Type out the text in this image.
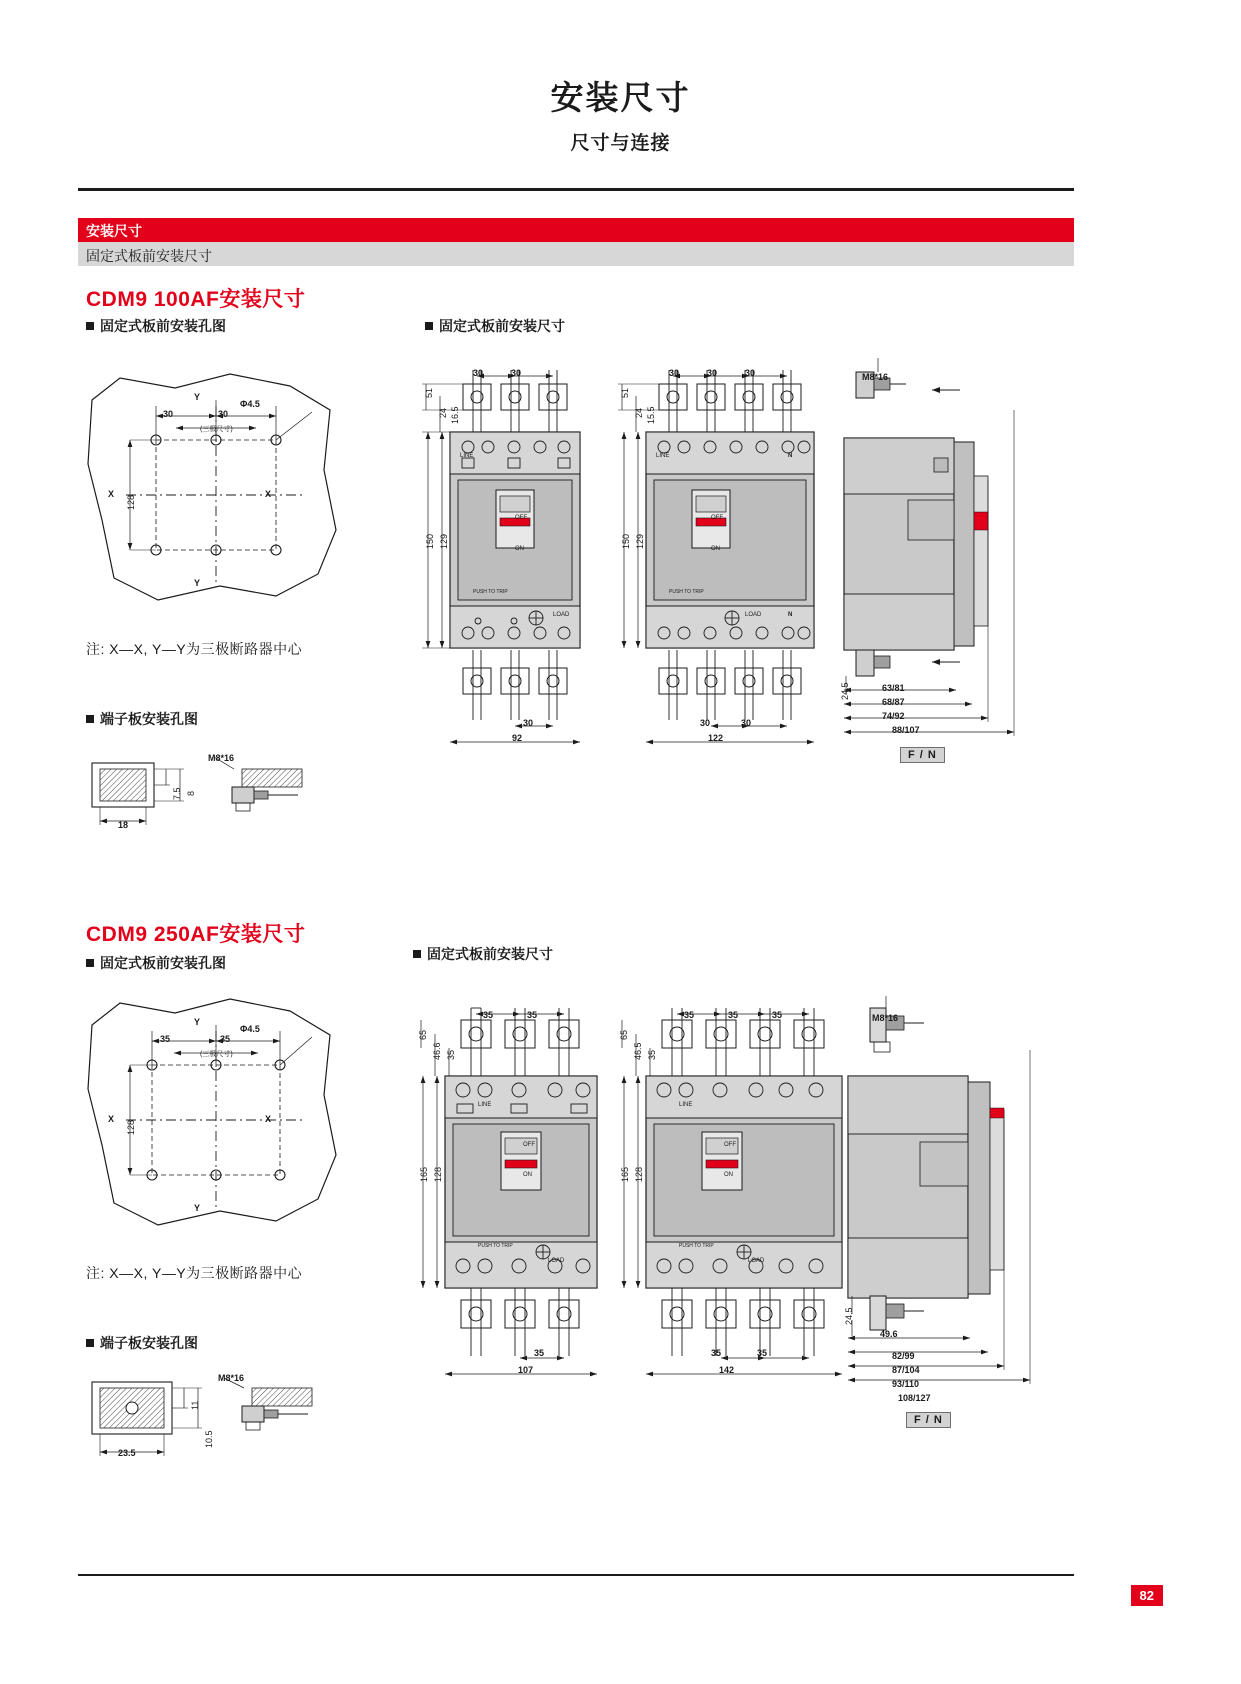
安装尺寸
尺寸与连接
安装尺寸
固定式板前安装尺寸
CDM9 100AF安装尺寸
固定式板前安装孔图	固定式板前安装尺寸
Φ4.5
30	30
(三极尺寸)
Y
Y
X	X
128
注: X—X, Y—Y为三极断路器中心
端子板安装孔图
M8*16
18
7.5 8
30	30
30
92
150 129
51
24 16.5
LINE
LOAD
PUSH TO TRIP
OFF
ON
30	30	30
30	30
122
150 129
51
24 15.5
LINE	N
LOAD	N
PUSH TO TRIP
OFF
ON
M8*16
24.5	63/81
68/87
74/92
88/107
F / N
CDM9 250AF安装尺寸
固定式板前安装孔图
固定式板前安装尺寸
Φ4.5
35	35
(三极尺寸)
Y
Y
X	X
128
注: X—X, Y—Y为三极断路器中心
端子板安装孔图
M8*16
23.5
11
10.5
35	35
35
107
165 128
65
46.6 35
LINE
LOAD
PUSH TO TRIP
OFF
ON
35	35	35
35	35
142
165 128
65
46.5 35
LINE
LOAD
PUSH TO TRIP
OFF
ON
M8*16
24.5
49.6
82/99
87/104
93/110
108/127
F / N
82
